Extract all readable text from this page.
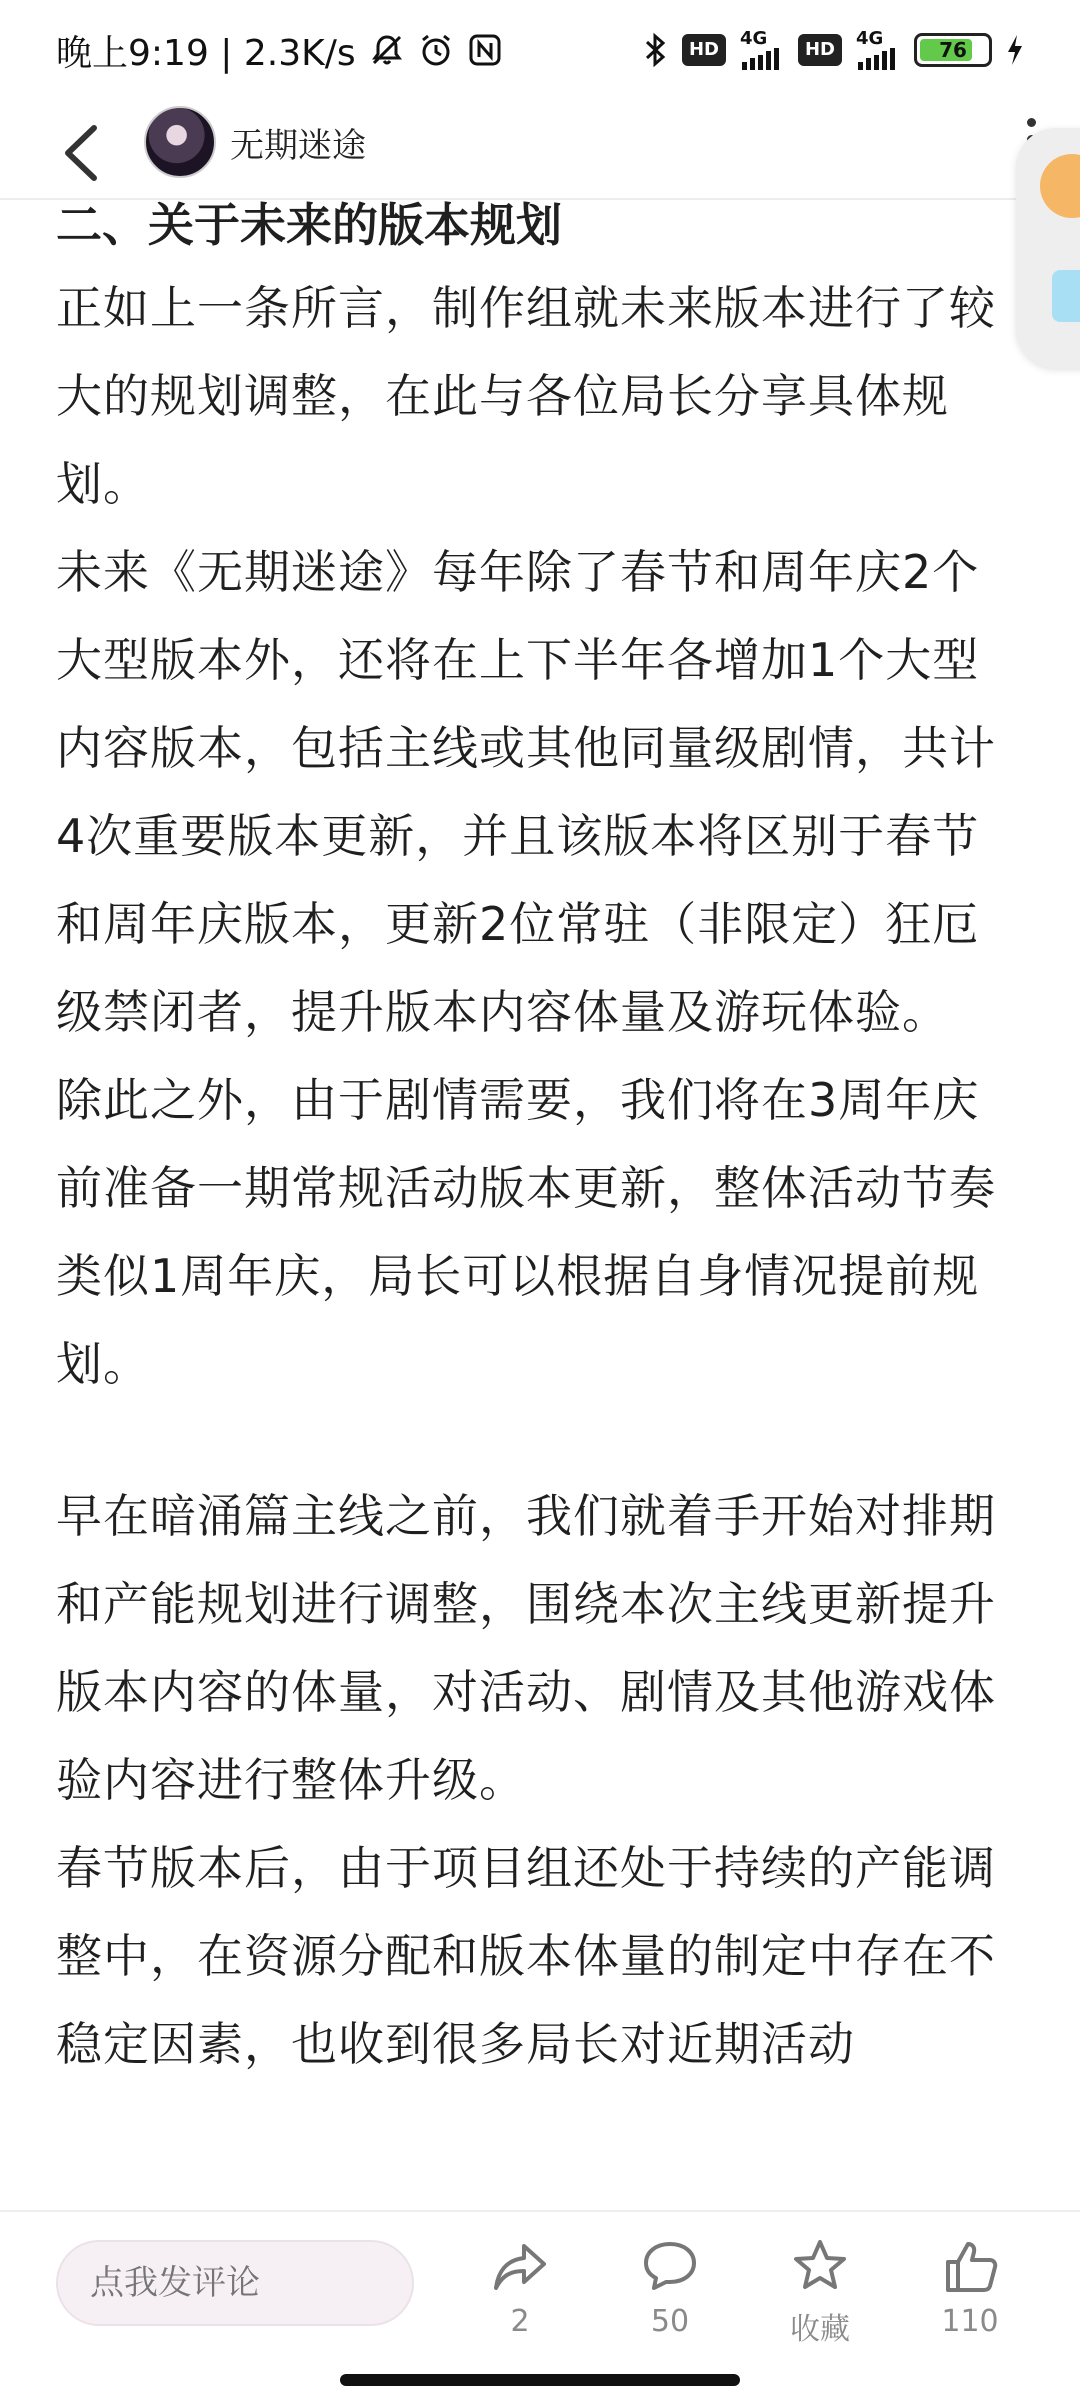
晚上9:19 | 2.3K/s	HD
4G
HD
4G	76
无期迷途
二、关于未来的版本规划

正如上一条所言，制作组就未来版本进行了较大的规划调整，在此与各位局长分享具体规划。

未来《无期迷途》每年除了春节和周年庆2个大型版本外，还将在上下半年各增加1个大型内容版本，包括主线或其他同量级剧情，共计4次重要版本更新，并且该版本将区别于春节和周年庆版本，更新2位常驻（非限定）狂厄级禁闭者，提升版本内容体量及游玩体验。

除此之外，由于剧情需要，我们将在3周年庆前准备一期常规活动版本更新，整体活动节奏类似1周年庆，局长可以根据自身情况提前规划。

早在暗涌篇主线之前，我们就着手开始对排期和产能规划进行调整，围绕本次主线更新提升版本内容的体量，对活动、剧情及其他游戏体验内容进行整体升级。

春节版本后，由于项目组还处于持续的产能调整中，在资源分配和版本体量的制定中存在不稳定因素，也收到很多局长对近期活动

点我发评论
2	50	收藏	110
